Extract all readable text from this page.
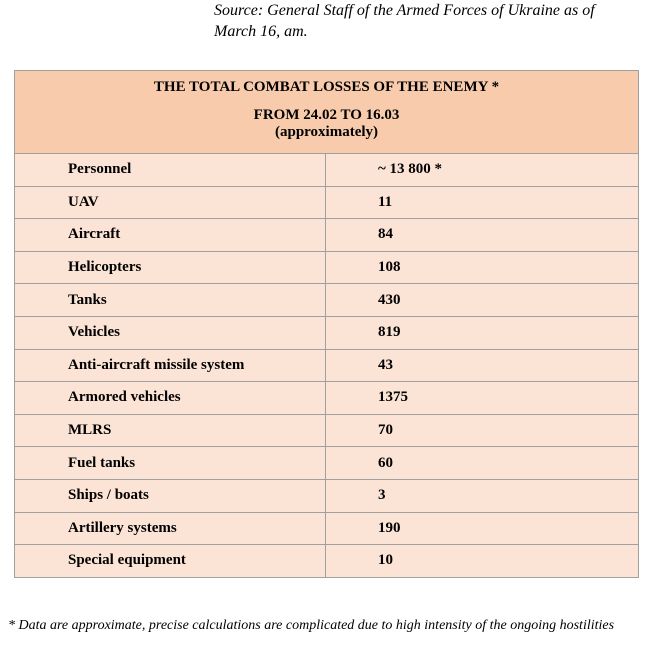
Source: General Staff of the Armed Forces of Ukraine as of
March 16, am.
THE TOTAL COMBAT LOSSES OF THE ENEMY *
FROM 24.02 TO 16.03
(approximately)	

Personnel	~ 13 800 *
UAV	11
Aircraft	84
Helicopters	108
Tanks	430
Vehicles	819
Anti-aircraft missile system	43
Armored vehicles	1375
MLRS	70
Fuel tanks	60
Ships / boats	3
Artillery systems	190
Special equipment	10
* Data are approximate, precise calculations are complicated due to high intensity of the ongoing hostilities
